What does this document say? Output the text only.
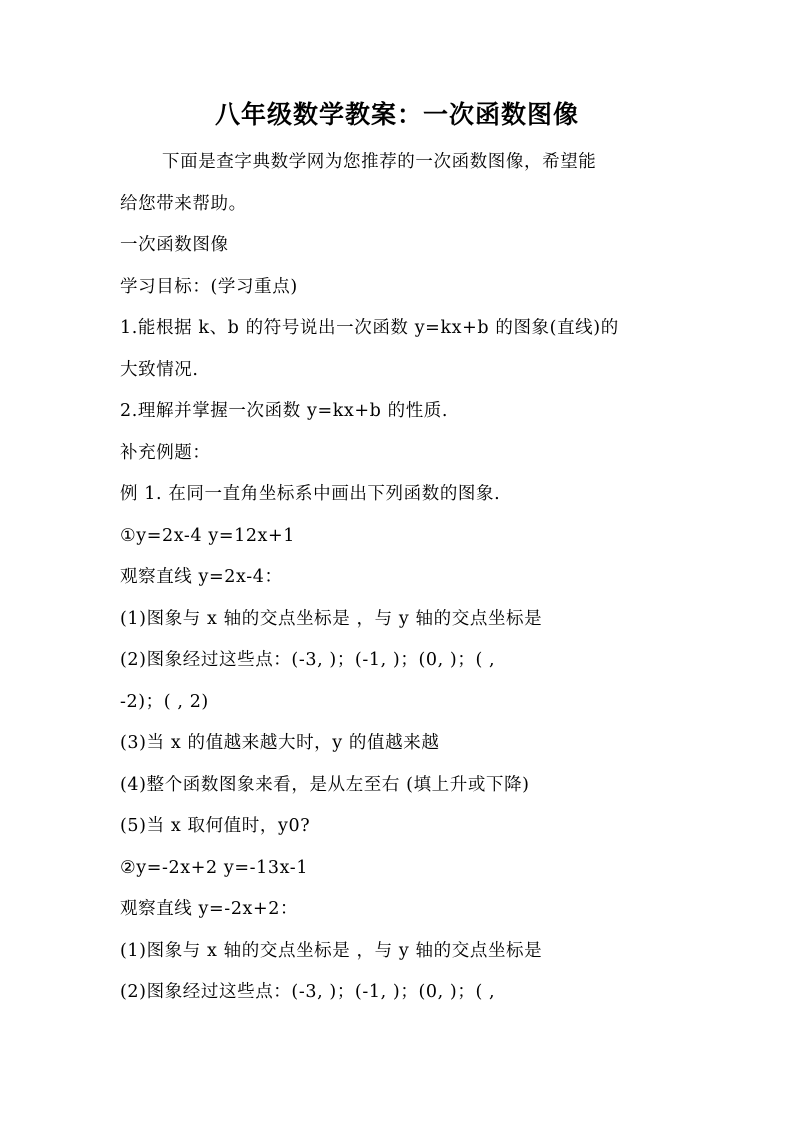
八年级数学教案：一次函数图像
下面是查字典数学网为您推荐的一次函数图像，希望能
给您带来帮助。
一次函数图像
学习目标：(学习重点)
1.能根据 k、b 的符号说出一次函数 y=kx+b 的图象(直线)的
大致情况.
2.理解并掌握一次函数 y=kx+b 的性质.
补充例题：
例 1. 在同一直角坐标系中画出下列函数的图象.
①y=2x-4 y=12x+1
观察直线 y=2x-4：
(1)图象与 x 轴的交点坐标是 ，与 y 轴的交点坐标是
(2)图象经过这些点：(-3, )；(-1, )；(0, )；( ,
-2)；( , 2)
(3)当 x 的值越来越大时，y 的值越来越
(4)整个函数图象来看，是从左至右 (填上升或下降)
(5)当 x 取何值时，y0?
②y=-2x+2 y=-13x-1
观察直线 y=-2x+2：
(1)图象与 x 轴的交点坐标是 ，与 y 轴的交点坐标是
(2)图象经过这些点：(-3, )；(-1, )；(0, )；( ,
